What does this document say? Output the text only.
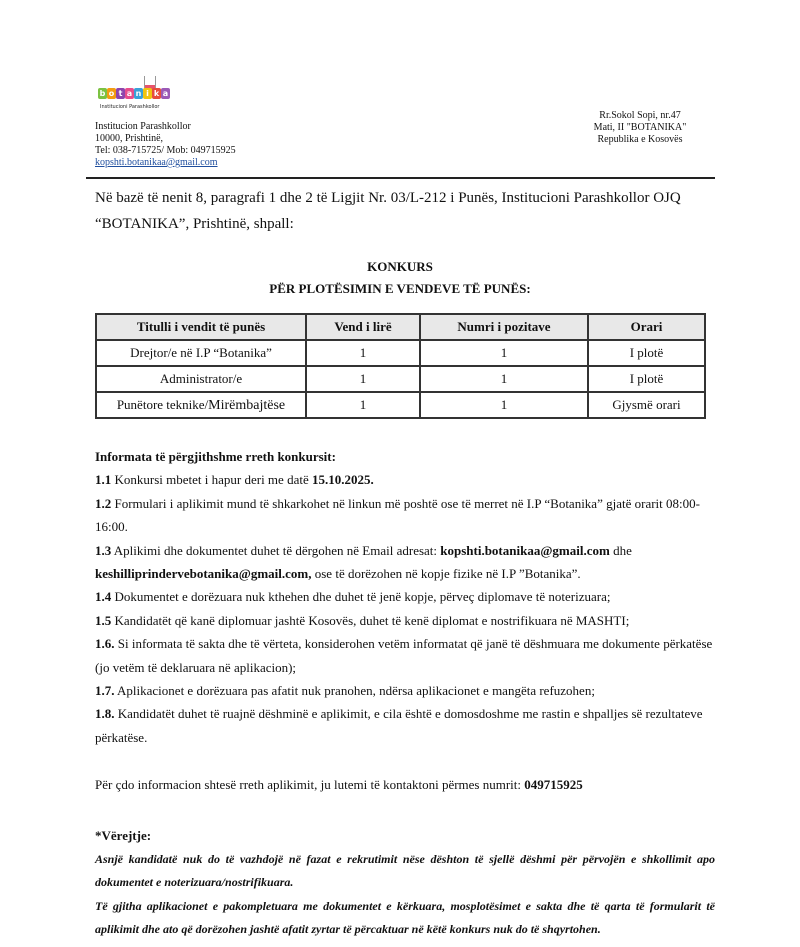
b o t a n i k a
Institucioni Parashkollor
Institucion Parashkollor
10000, Prishtinë,
Tel: 038-715725/ Mob: 049715925
kopshti.botanikaa@gmail.com
Rr.Sokol Sopi, nr.47
Mati, II "BOTANIKA"
Republika e Kosovës
Në bazë të nenit 8, paragrafi 1 dhe 2 të Ligjit Nr. 03/L-212 i Punës, Institucioni Parashkollor OJQ “BOTANIKA”, Prishtinë, shpall:
KONKURS
PËR PLOTËSIMIN E VENDEVE TË PUNËS:
Titulli i vendit të punës	Vend i lirë	Numri i pozitave	Orari
Drejtor/e në I.P “Botanika”	1	1	I plotë
Administrator/e	1	1	I plotë
Punëtore teknike/Mirëmbajtëse	1	1	Gjysmë orari

Informata të përgjithshme rreth konkursit:

1.1 Konkursi mbetet i hapur deri me datë 15.10.2025.

1.2 Formulari i aplikimit mund të shkarkohet në linkun më poshtë ose të merret në I.P “Botanika” gjatë orarit 08:00-16:00.

1.3 Aplikimi dhe dokumentet duhet të dërgohen në Email adresat: kopshti.botanikaa@gmail.com dhe keshilliprindervebotanika@gmail.com, ose të dorëzohen në kopje fizike në I.P ”Botanika”.

1.4 Dokumentet e dorëzuara nuk kthehen dhe duhet të jenë kopje, përveç diplomave të noterizuara;

1.5 Kandidatët që kanë diplomuar jashtë Kosovës, duhet të kenë diplomat e nostrifikuara në MASHTI;

1.6. Si informata të sakta dhe të vërteta, konsiderohen vetëm informatat që janë të dëshmuara me dokumente përkatëse (jo vetëm të deklaruara në aplikacion);

1.7. Aplikacionet e dorëzuara pas afatit nuk pranohen, ndërsa aplikacionet e mangëta refuzohen;

1.8. Kandidatët duhet të ruajnë dëshminë e aplikimit, e cila është e domosdoshme me rastin e shpalljes së rezultateve përkatëse.

Për çdo informacion shtesë rreth aplikimit, ju lutemi të kontaktoni përmes numrit: 049715925
*Vërejtje:
Asnjë kandidatë nuk do të vazhdojë në fazat e rekrutimit nëse dështon të sjellë dëshmi për përvojën e shkollimit apo dokumentet e noterizuara/nostrifikuara.
Të gjitha aplikacionet e pakompletuara me dokumentet e kërkuara, mosplotësimet e sakta dhe të qarta të formularit të aplikimit dhe ato që dorëzohen jashtë afatit zyrtar të përcaktuar në këtë konkurs nuk do të shqyrtohen.
